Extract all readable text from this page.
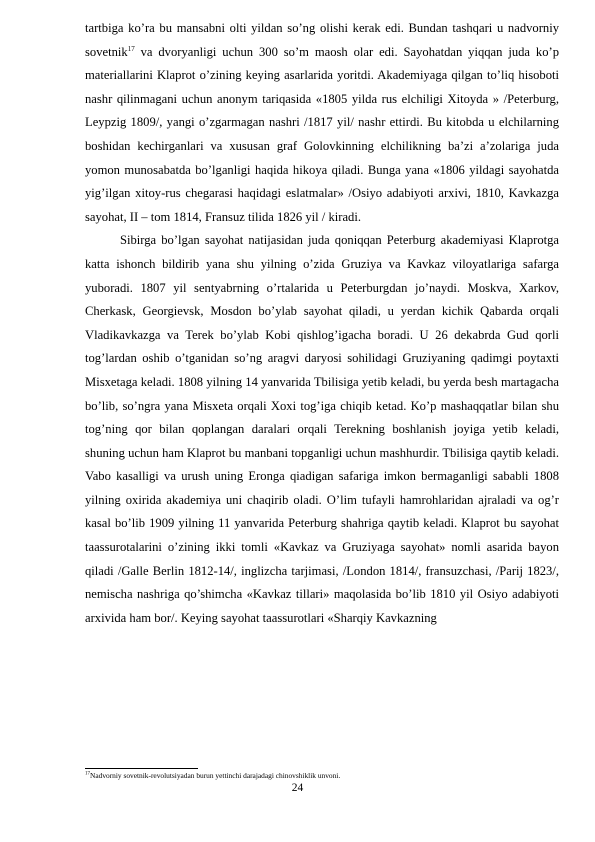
tartbiga ko’ra bu mansabni olti yildan so’ng olishi kerak edi. Bundan tashqari u nadvorniy sovetnik$^{17}$ va dvoryanligi uchun 300 so’m maosh olar edi. Sayohatdan yiqqan juda ko’p materiallarini Klaprot o’zining keying asarlarida yoritdi. Akademiyaga qilgan to’liq hisoboti nashr qilinmagani uchun anonym tariqasida «1805 yilda rus elchiligi Xitoyda » /Peterburg, Leypzig 1809/, yangi o’zgarmagan nashri /1817 yil/ nashr ettirdi. Bu kitobda u elchilarning boshidan kechirganlari va xususan graf Golovkinning elchilikning ba’zi a’zolariga juda yomon munosabatda bo’lganligi haqida hikoya qiladi. Bunga yana «1806 yildagi sayohatda yig’ilgan xitoy-rus chegarasi haqidagi eslatmalar» /Osiyo adabiyoti arxivi, 1810, Kavkazga sayohat, II – tom 1814, Fransuz tilida 1826 yil / kiradi.

Sibirga bo’lgan sayohat natijasidan juda qoniqqan Peterburg akademiyasi Klaprotga katta ishonch bildirib yana shu yilning o’zida Gruziya va Kavkaz viloyatlariga safarga yuboradi. 1807 yil sentyabrning o’rtalarida u Peterburgdan jo’naydi. Moskva, Xarkov, Cherkask, Georgievsk, Mosdon bo’ylab sayohat qiladi, u yerdan kichik Qabarda orqali Vladikavkazga va Terek bo’ylab Kobi qishlog’igacha boradi. U 26 dekabrda Gud qorli tog’lardan oshib o’tganidan so’ng aragvi daryosi sohilidagi Gruziyaning qadimgi poytaxti Misxetaga keladi. 1808 yilning 14 yanvarida Tbilisiga yetib keladi, bu yerda besh martagacha bo’lib, so’ngra yana Misxeta orqali Xoxi tog’iga chiqib ketad. Ko’p mashaqqatlar bilan shu tog’ning qor bilan qoplangan daralari orqali Terekning boshlanish joyiga yetib keladi, shuning uchun ham Klaprot bu manbani topganligi uchun mashhurdir. Tbilisiga qaytib keladi. Vabo kasalligi va urush uning Eronga qiadigan safariga imkon bermaganligi sababli 1808 yilning oxirida akademiya uni chaqirib oladi. O’lim tufayli hamrohlaridan ajraladi va og’r kasal bo’lib 1909 yilning 11 yanvarida Peterburg shahriga qaytib keladi. Klaprot bu sayohat taassurotalarini o’zining ikki tomli «Kavkaz va Gruziyaga sayohat» nomli asarida bayon qiladi /Galle Berlin 1812-14/, inglizcha tarjimasi, /London 1814/, fransuzchasi, /Parij 1823/, nemischa nashriga qo’shimcha «Kavkaz tillari» maqolasida bo’lib 1810 yil Osiyo adabiyoti arxivida ham bor/. Keying sayohat taassurotlari «Sharqiy Kavkazning

$^{17}$Nadvorniy sovetnik-revolutsiyadan burun yettinchi darajadagi chinovshiklik unvoni.
24
